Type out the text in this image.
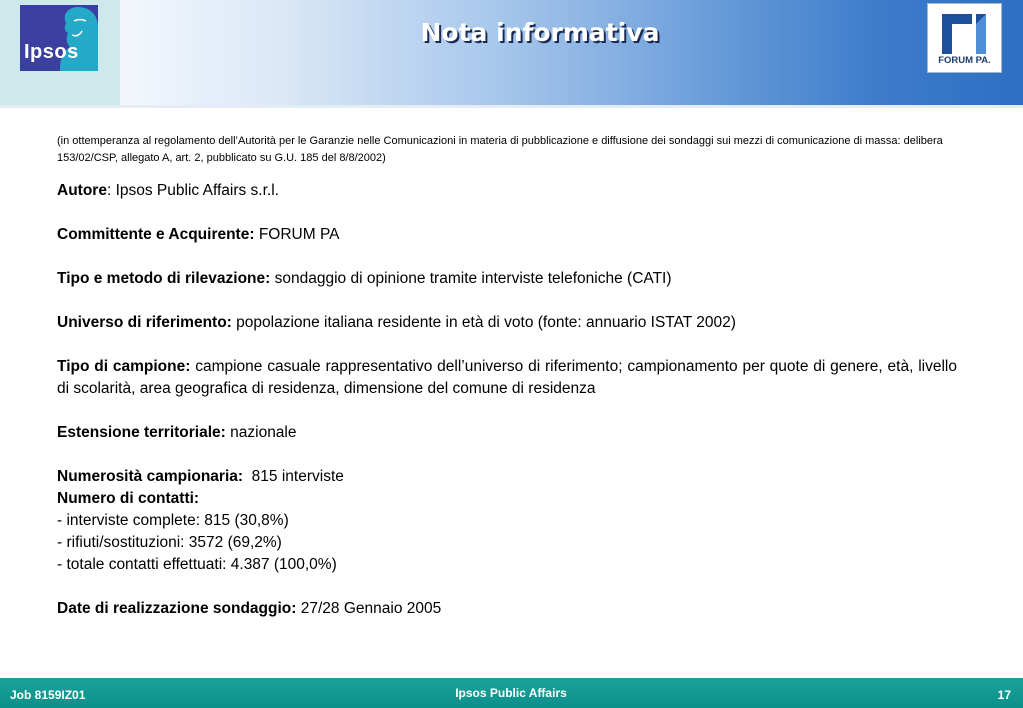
Ipsos
Nota informativa
FORUM PA.

(in ottemperanza al regolamento dell’Autorità per le Garanzie nelle Comunicazioni in materia di pubblicazione e diffusione dei sondaggi sui mezzi di comunicazione di massa: delibera 153/02/CSP, allegato A, art. 2, pubblicato su G.U. 185 del 8/8/2002)

Autore: Ipsos Public Affairs s.r.l.

Committente e Acquirente: FORUM PA

Tipo e metodo di rilevazione: sondaggio di opinione tramite interviste telefoniche (CATI)

Universo di riferimento: popolazione italiana residente in età di voto (fonte: annuario ISTAT 2002)

Tipo di campione: campione casuale rappresentativo dell’universo di riferimento; campionamento per quote di genere, età, livello di scolarità, area geografica di residenza, dimensione del comune di residenza

Estensione territoriale: nazionale

Numerosità campionaria:  815 interviste
Numero di contatti:
- interviste complete: 815 (30,8%)
- rifiuti/sostituzioni: 3572 (69,2%)
- totale contatti effettuati: 4.387 (100,0%)

Date di realizzazione sondaggio: 27/28 Gennaio 2005

Job 8159IZ01	Ipsos Public Affairs	17
